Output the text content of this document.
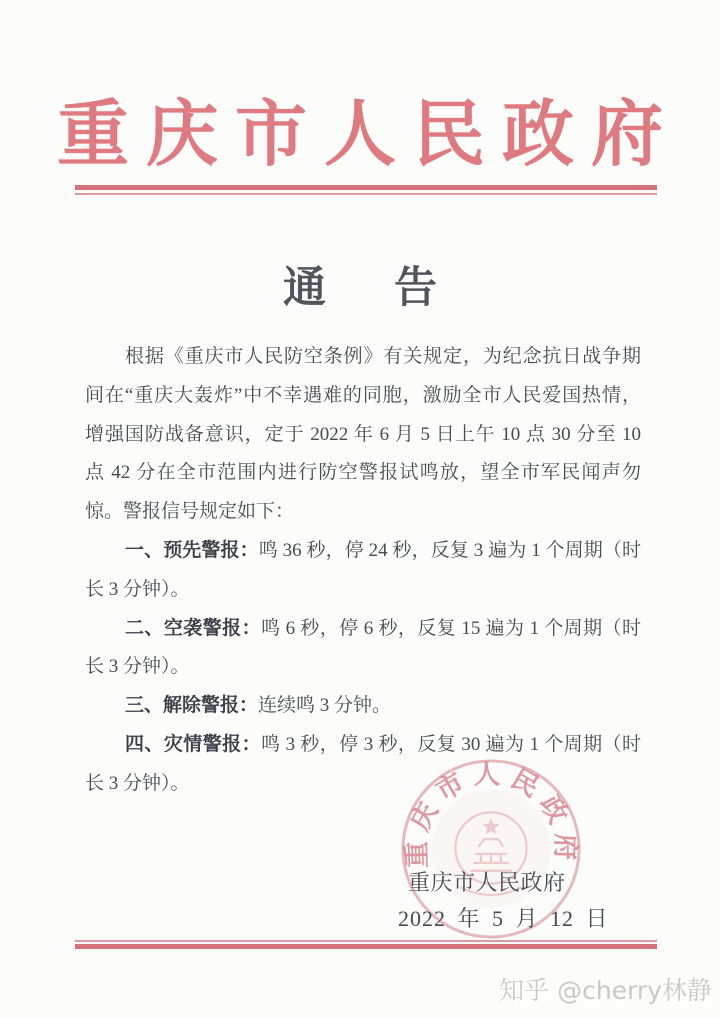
重庆市人民政府
通告
根据《重庆市人民防空条例》有关规定，为纪念抗日战争期
间在“重庆大轰炸”中不幸遇难的同胞，激励全市人民爱国热情，
增强国防战备意识，定于 2022 年 6 月 5 日上午 10 点 30 分至 10
点 42 分在全市范围内进行防空警报试鸣放，望全市军民闻声勿
惊。警报信号规定如下：
一、预先警报：鸣 36 秒，停 24 秒，反复 3 遍为 1 个周期（时
长 3 分钟）。
二、空袭警报：鸣 6 秒，停 6 秒，反复 15 遍为 1 个周期（时
长 3 分钟）。
三、解除警报：连续鸣 3 分钟。
四、灾情警报：鸣 3 秒，停 3 秒，反复 30 遍为 1 个周期（时
长 3 分钟）。
重庆市人民政府
重庆市人民政府
2022 年 5 月 12 日
知乎 @cherry林静
